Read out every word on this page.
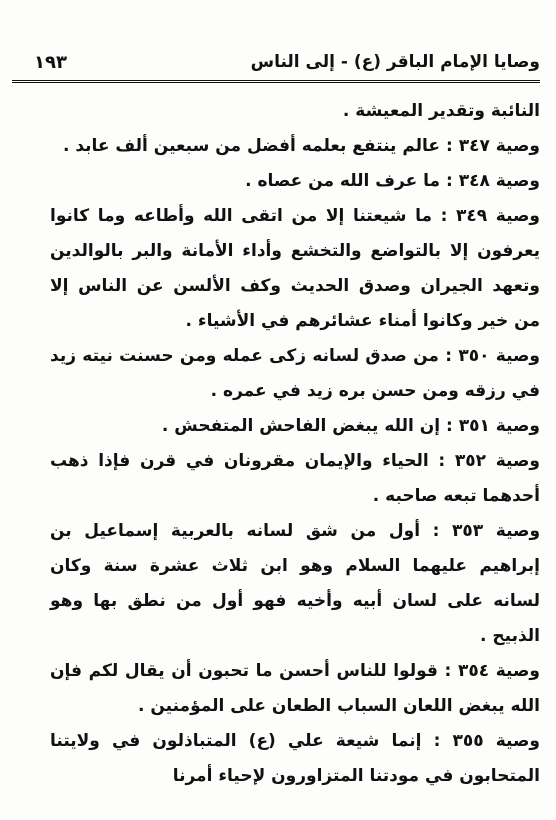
وصايا الإمام الباقر (ع) - إلى الناس
١٩٣

النائبة وتقدير المعيشة .

وصية ٣٤٧ : عالم ينتفع بعلمه أفضل من سبعين ألف عابد .

وصية ٣٤٨ : ما عرف الله من عصاه .

وصية ٣٤٩ : ما شيعتنا إلا من اتقى الله وأطاعه وما كانوا يعرفون إلا بالتواضع والتخشع وأداء الأمانة والبر بالوالدين وتعهد الجيران وصدق الحديث وكف الألسن عن الناس إلا من خير وكانوا أمناء عشائرهم في الأشياء .

وصية ٣٥٠ : من صدق لسانه زكى عمله ومن حسنت نيته زيد في رزقه ومن حسن بره زيد في عمره .

وصية ٣٥١ : إن الله يبغض الفاحش المتفحش .

وصية ٣٥٢ : الحياء والإيمان مقرونان في قرن فإذا ذهب أحدهما تبعه صاحبه .

وصية ٣٥٣ : أول من شق لسانه بالعربية إسماعيل بن إبراهيم عليهما السلام وهو ابن ثلاث عشرة سنة وكان لسانه على لسان أبيه وأخيه فهو أول من نطق بها وهو الذبيح .

وصية ٣٥٤ : قولوا للناس أحسن ما تحبون أن يقال لكم فإن الله يبغض اللعان السباب الطعان على المؤمنين .

وصية ٣٥٥ : إنما شيعة علي (ع) المتباذلون في ولايتنا المتحابون في مودتنا المتزاورون لإحياء أمرنا
